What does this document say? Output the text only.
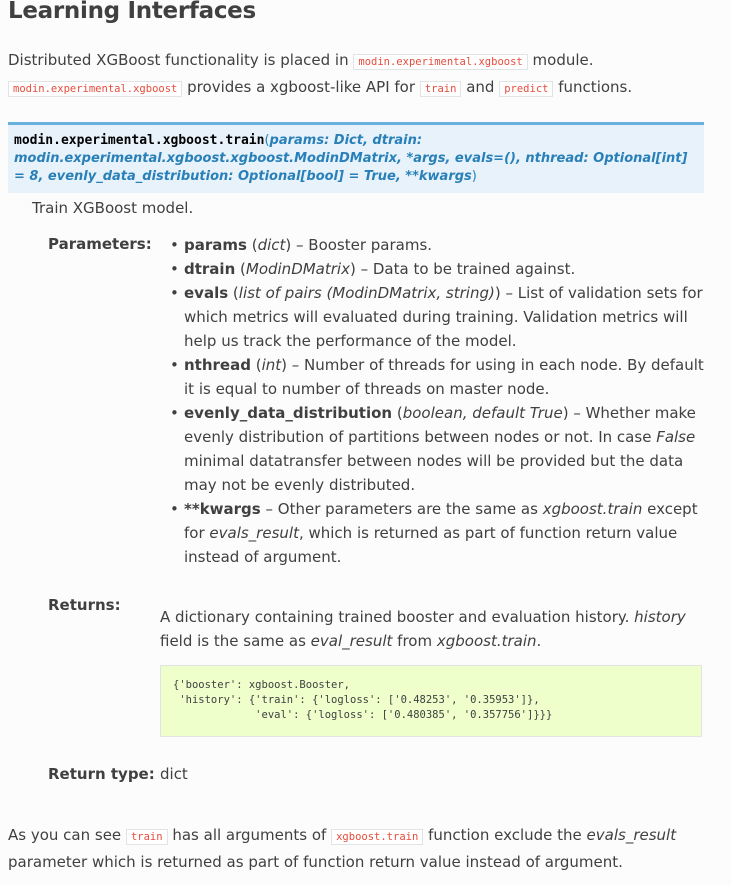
Learning Interfaces

Distributed XGBoost functionality is placed in modin.experimental.xgboost module.
modin.experimental.xgboost provides a xgboost-like API for train and predict functions.

modin.experimental.xgboost.train(params: Dict, dtrain: modin.experimental.xgboost.xgboost.ModinDMatrix, *args, evals=(), nthread: Optional[int] = 8, evenly_data_distribution: Optional[bool] = True, **kwargs)

Train XGBoost model.

Parameters: • params (dict) – Booster params.
• dtrain (ModinDMatrix) – Data to be trained against.
• evals (list of pairs (ModinDMatrix, string)) – List of validation sets for which metrics will evaluated during training. Validation metrics will help us track the performance of the model.
• nthread (int) – Number of threads for using in each node. By default it is equal to number of threads on master node.
• evenly_data_distribution (boolean, default True) – Whether make evenly distribution of partitions between nodes or not. In case False minimal datatransfer between nodes will be provided but the data may not be evenly distributed.
• **kwargs – Other parameters are the same as xgboost.train except for evals_result, which is returned as part of function return value instead of argument.
Returns:

A dictionary containing trained booster and evaluation history. history field is the same as eval_result from xgboost.train.

{'booster': xgboost.Booster,
'history': {'train': {'logloss': ['0.48253', '0.35953']},
'eval': {'logloss': ['0.480385', '0.357756']}}}
Return type: dict

As you can see train has all arguments of xgboost.train function exclude the evals_result parameter which is returned as part of function return value instead of argument.
